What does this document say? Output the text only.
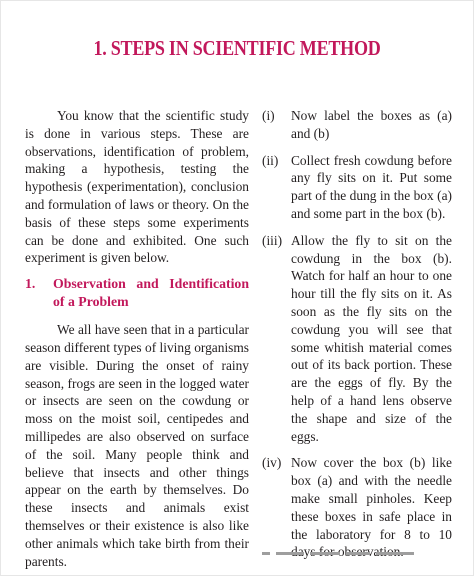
1. STEPS IN SCIENTIFIC METHOD

You know that the scientific study is done in various steps. These are observations, identification of problem, making a hypothesis, testing the hypothesis (experimentation), conclusion and formulation of laws or theory. On the basis of these steps some experiments can be done and exhibited. One such experiment is given below.

1.	Observation and Identification of a Problem

We all have seen that in a particular season different types of living organisms are visible. During the onset of rainy season, frogs are seen in the logged water or insects are seen on the cowdung or moss on the moist soil, centipedes and millipedes are also observed on surface of the soil. Many people think and believe that insects and other things appear on the earth by themselves. Do these insects and animals exist themselves or their existence is also like other animals which take birth from their parents.

(i)	Now label the boxes as (a) and (b)
(ii) Collect fresh cowdung before any fly sits on it. Put some part of the dung in the box (a) and some part in the box (b).
(iii) Allow the fly to sit on the cowdung in the box (b). Watch for half an hour to one hour till the fly sits on it. As soon as the fly sits on the cowdung you will see that some whitish material comes out of its back portion. These are the eggs of fly. By the help of a hand lens observe the shape and size of the eggs.
(iv) Now cover the box (b) like box (a) and with the needle make small pinholes. Keep these boxes in safe place in the laboratory for 8 to 10 observation.
